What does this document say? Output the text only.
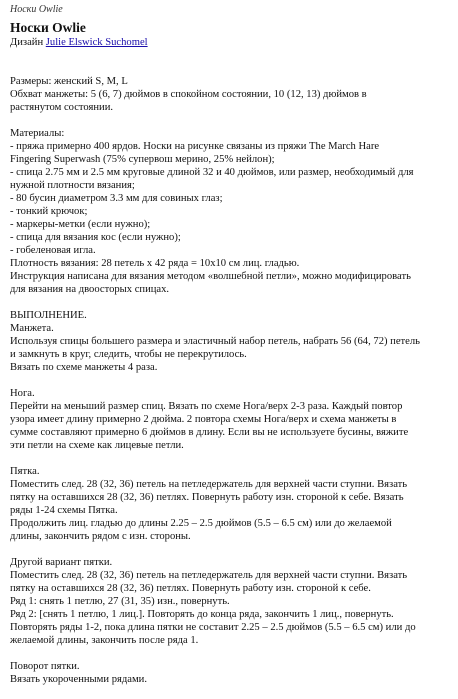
Носки Owlie

Носки Owlie

Дизайн Julie Elswick Suchomel

Размеры: женский S, M, L

Обхват манжеты: 5 (6, 7) дюймов в спокойном состоянии, 10 (12, 13) дюймов в

растянутом состоянии.

Материалы:

- пряжа примерно 400 ярдов. Носки на рисунке связаны из пряжи The March Hare

Fingering Superwash (75% супервош мерино, 25% нейлон);

- спица 2.75 мм и 2.5 мм круговые длиной 32 и 40 дюймов, или размер, необходимый для

нужной плотности вязания;

- 80 бусин диаметром 3.3 мм для совиных глаз;

- тонкий крючок;

- маркеры-метки (если нужно);

- спица для вязания кос (если нужно);

- гобеленовая игла.

Плотность вязания: 28 петель x 42 ряда = 10x10 см лиц. гладью.

Инструкция написана для вязания методом «волшебной петли», можно модифицировать

для вязания на двоосторых спицах.

ВЫПОЛНЕНИЕ.

Манжета.

Используя спицы большего размера и эластичный набор петель, набрать 56 (64, 72) петель

и замкнуть в круг, следить, чтобы не перекрутилось.

Вязать по схеме манжеты 4 раза.

Нога.

Перейти на меньший размер спиц. Вязать по схеме Нога/верх 2-3 раза. Каждый повтор

узора имеет длину примерно 2 дюйма. 2 повтора схемы Нога/верх и схема манжеты в

сумме составляют примерно 6 дюймов в длину. Если вы не используете бусины, вяжите

эти петли на схеме как лицевые петли.

Пятка.

Поместить след. 28 (32, 36) петель на петледержатель для верхней части ступни. Вязать

пятку на оставшихся 28 (32, 36) петлях. Повернуть работу изн. стороной к себе. Вязать

ряды 1-24 схемы Пятка.

Продолжить лиц. гладью до длины 2.25 – 2.5 дюймов (5.5 – 6.5 см) или до желаемой

длины, закончить рядом с изн. стороны.

Другой вариант пятки.

Поместить след. 28 (32, 36) петель на петледержатель для верхней части ступни. Вязать

пятку на оставшихся 28 (32, 36) петлях. Повернуть работу изн. стороной к себе.

Ряд 1: снять 1 петлю, 27 (31, 35) изн., повернуть.

Ряд 2: [снять 1 петлю, 1 лиц.]. Повторять до конца ряда, закончить 1 лиц., повернуть.

Повторять ряды 1-2, пока длина пятки не составит 2.25 – 2.5 дюймов (5.5 – 6.5 см) или до

желаемой длины, закончить после ряда 1.

Поворот пятки.

Вязать укороченными рядами.
